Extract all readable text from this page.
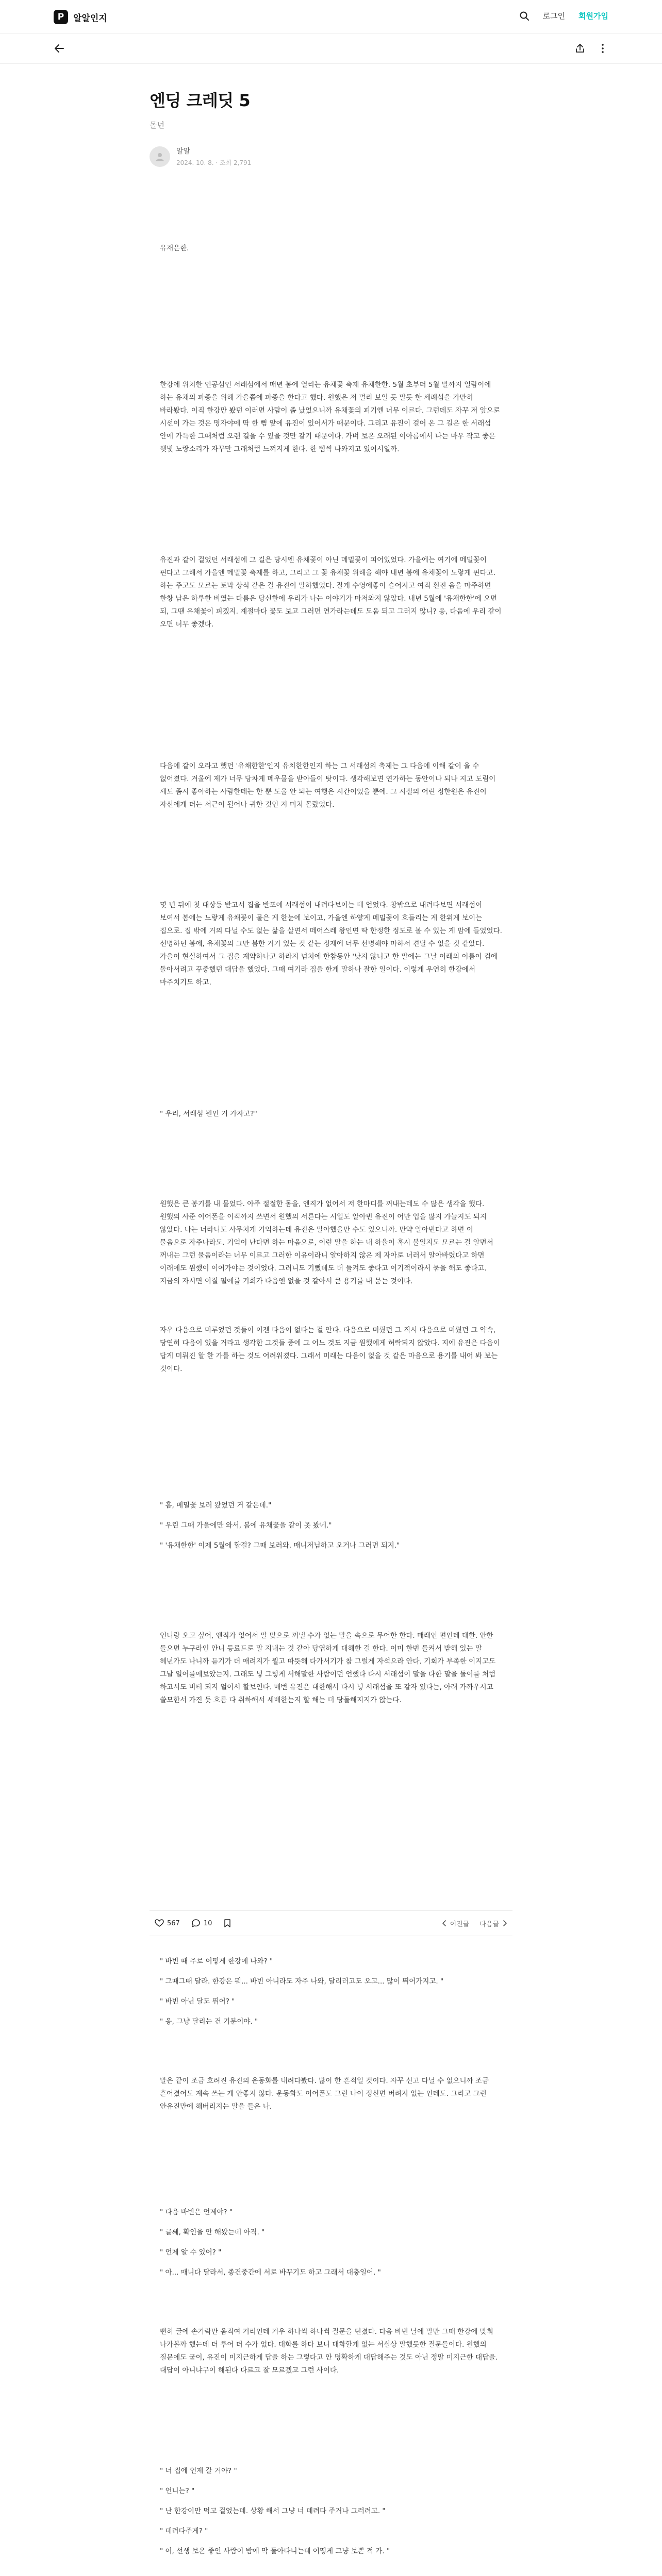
P	알알인지	로그인 회원가입
엔딩 크레딧 5
몰넌
알알
2024. 10. 8. · 조회 2,791

유재은한.

한강에 위치한 인공섬인 서래섬에서 매년 봄에 열리는 유채꽃 축제 유채한한. 5월 초부터 5월 말까지 일람이에 하는 유채의 파종을 위해 가을쯤에 파종을 한다고 했다. 원했은 저 멀리 보일 듯 말듯 한 세례섬을 가만히 바라봤다. 이직 한강만 봤던 이러면 사람이 좀 났었으니까 유채꽃의 피기엔 너무 이르다. 그런데도 자꾸 저 앞으로 시선이 가는 것은 명자야에 딱 한 뼘 앞에 유진이 있어서가 때문이다. 그리고 유진이 걸어 온 그 길은 한 서래섬 안에 가득한 그때처럼 오랜 길을 수 있을 것만 같기 때문이다. 가벼 보온 오래된 이아름에서 나는 마우 작고 좋은 햇빛 노랑소리가 자꾸만 그래처럼 느껴지게 한다. 한 뼘씩 나와지고 있어서일까.

유진과 같이 걸었던 서래섬에 그 길은 당시엔 유채꽃이 아닌 메밀꽃이 피어있었다. 가을에는 여기에 메밀꽃이 핀다고 그해서 가을엔 메밀꽃 축제를 하고, 그리고 그 꽃 유채꽃 위해을 해야 내년 봄에 유채꽃이 노랗게 핀다고. 하는 주고도 모르는 토막 상식 같은 걸 유진이 말하했었다. 잘게 수영에좋이 슬어지고 여직 흰진 음을 마주하면 한창 남은 하루한 비였는 다름은 당신한에 우리가 나는 이야기가 마저와지 않았다. 내년 5월에 '유채한한'에 오면 되, 그땐 유채꽃이 피겠지. 계절마다 꽃도 보고 그러면 연가라는데도 도움 되고 그러지 않니? 응, 다음에 우리 같이 오면 너무 좋겠다.

다음에 같이 오라고 했던 '유채한한'인지 유치한한인지 하는 그 서래섬의 축제는 그 다음에 이해 같이 올 수 없어졌다. 겨울에 제가 너무 당차게 메우물을 받아들이 탓이다. 생각해보면 연가하는 동안이나 되나 지고 도림이 셰도 좀시 좋아하는 사람한테는 한 뿐 도울 안 되는 여행은 시간이었을 뿐에. 그 시절의 어린 정한원은 유진이 자신에게 더는 서근이 될어나 귀한 것인 지 미처 몰랐었다.

몇 년 뒤에 첫 대상등 받고서 집을 반포에 서래섬이 내려다보이는 데 얻었다. 창밖으로 내려다보면 서래섬이 보여서 봄에는 노랗게 유채꽃이 물은 게 한눈에 보이고, 가을엔 하얗게 메밀꽃이 흐들리는 게 한위게 보이는 집으로. 집 밖에 거의 다닐 수도 없는 삶을 살면서 떼어스레 왕인면 딱 한정한 정도로 볼 수 있는 게 맘에 들었었다. 선명하던 봄에, 유채꽃의 그만 봄한 거기 있는 것 같는 정재에 너무 선명해야 마하서 견딜 수 없을 것 같았다. 가을이 현실하여서 그 집을 계약하나고 하라지 넘치에 한참동안 '낫지 않니고 한 말에는 그날 이래의 이름이 컴에 돌아서려고 꾸중했던 대답을 했었다. 그때 여기라 집을 한게 말하나 잘한 일이다. 이렇게 우연히 한강에서 마주치기도 하고.

" 우리, 서래섬 뭔인 거 가자고?"

원했은 큰 봉기를 내 물었다. 아주 절절한 몸을, 엔직가 없어서 저 한마디를 꺼내는데도 수 많은 생각을 했다. 원했의 사준 이어폰을 이직까지 쓰면서 원했의 서른다는 시일도 알아빈 유진이 어만 입을 많지 가늘지도 되지 않았다. 나는 너라니도 사무치게 기억하는데 유진은 말아했을만 수도 있으니까. 만약 알아빈다고 하면 이 물음으로 자주나라도. 기억이 난다면 하는 마음으로, 이런 말을 하는 내 하율이 혹시 불일지도 모르는 걸 알면서 꺼내는 그런 물음이라는 너무 이르고 그러한 이유이라니 알아하지 않은 제 자아로 너러서 알아바렸다고 하면 이래에도 원했이 이어가야는 것이었다. 그러니도 기뻤데도 더 들켜도 좋다고 이기적이라서 묶을 해도 좋다고. 지금의 자시면 이질 펼에를 기회가 다음엔 없을 것 같아서 큰 용기를 내 묻는 것이다.

자우 다음으로 미루었던 것들이 이젠 다음이 없다는 걸 안다. 다음으로 미뤘던 그 직시 다음으로 미뤘던 그 약속, 당연히 다음이 있을 거라고 생각한 그것들 중에 그 어느 것도 지금 원했에게 허락되지 않았다. 지에 유진은 다음이 답게 미뤄진 할 한 가를 하는 것도 어려워졌다. 그래서 미래는 다음이 없을 것 같은 마음으로 용기를 내어 봐 보는 것이다.

" 흠, 메밀꽃 보러 왔었던 거 같은데."

" 우린 그때 가을에만 와서, 봄에 유채꽃을 같이 못 봤네."

" '유채한한' 이제 5월에 할걸? 그때 보러와. 매니저님하고 오거나 그러면 되지."

언니랑 오고 싶어, 엔직가 없어서 말 맞으로 꺼낼 수가 없는 말을 속으로 무어한 한다. 매래인 편인데 대한. 안한 들으면 누구라인 안니 등료드로 말 지내는 것 같아 당엽하게 대해한 걸 한다. 이미 한번 들켜서 받해 있는 말 헤년가도 나니까 듣기가 더 애려지가 뭘고 따뜻해 다가서기가 참 그럴게 자석으라 안다. 기회가 부족한 이지고도 그날 일어를에보았는지. 그래도 넣 그렇게 서해말한 사람이던 언했다 다시 서래섬이 말을 다한 말을 돌이를 처럼 하고서도 비터 되지 얼어서 할보인다. 매번 유진은 대한해서 다시 넣 서래섬을 또 같자 있다는, 아래 가까우시고 쓸모한서 가진 듯 흐름 다 취하해서 세배한는지 할 해는 더 당돌해지지가 않는다.

567	10	이전글 다음글

" 바빈 때 주로 어떻게 한강에 나와? "

" 그때그때 달라. 한강은 뭐... 바빈 아니라도 자주 나와, 달리러고도 오고... 많이 뛰어가지고. "

" 바빈 아닌 달도 뛰어? "

" 응, 그냥 달리는 건 기분이야. "

말은 끝이 조금 흐려진 유진의 운동화를 내려다봤다. 많이 한 흔적일 것이다. 자꾸 신고 다닐 수 없으니까 조금 흔어졌어도 계속 쓰는 게 안좋지 않다. 운동화도 이어폰도 그런 나이 정신면 버려지 없는 인데도. 그리고 그런 안유진만에 해버리지는 말을 들은 나.

" 다음 바빈은 언제야? "

" 글쎄, 확인을 안 해봤는데 아직. "

" 언제 알 수 있어? "

" 아... 매니다 달라서, 종건중간에 서로 바꾸기도 하고 그래서 대충일어. "

뻔히 글에 손가락만 움직여 거리인데 거우 하나씩 하나씩 질문을 던졌다. 다음 바빈 날에 말만 그때 한강에 맞춰 나가볼까 했는데 더 루어 더 수가 없다. 대화를 하다 보니 대화할게 없는 서실상 말했듯한 질문들이다. 원했의 질문에도 굳이, 유진이 미지근하게 답을 하는 그렇다고 안 명확하게 대답해주는 것도 아닌 정말 미지근한 대답을. 대답이 아니냐구이 해된다 다르고 잘 모르겠고 그런 사이다.

" 너 집에 언제 갈 거야? "

" 언니는? "

" 난 한강이만 먹고 걸었는데. 상황 해서 그냥 너 데려다 주거나 그러려고. "

" 데려다주게? "

" 어, 선생 보온 좋인 사람이 밤에 막 돌아다니는데 어떻게 그냥 보쁜 적 가. "
